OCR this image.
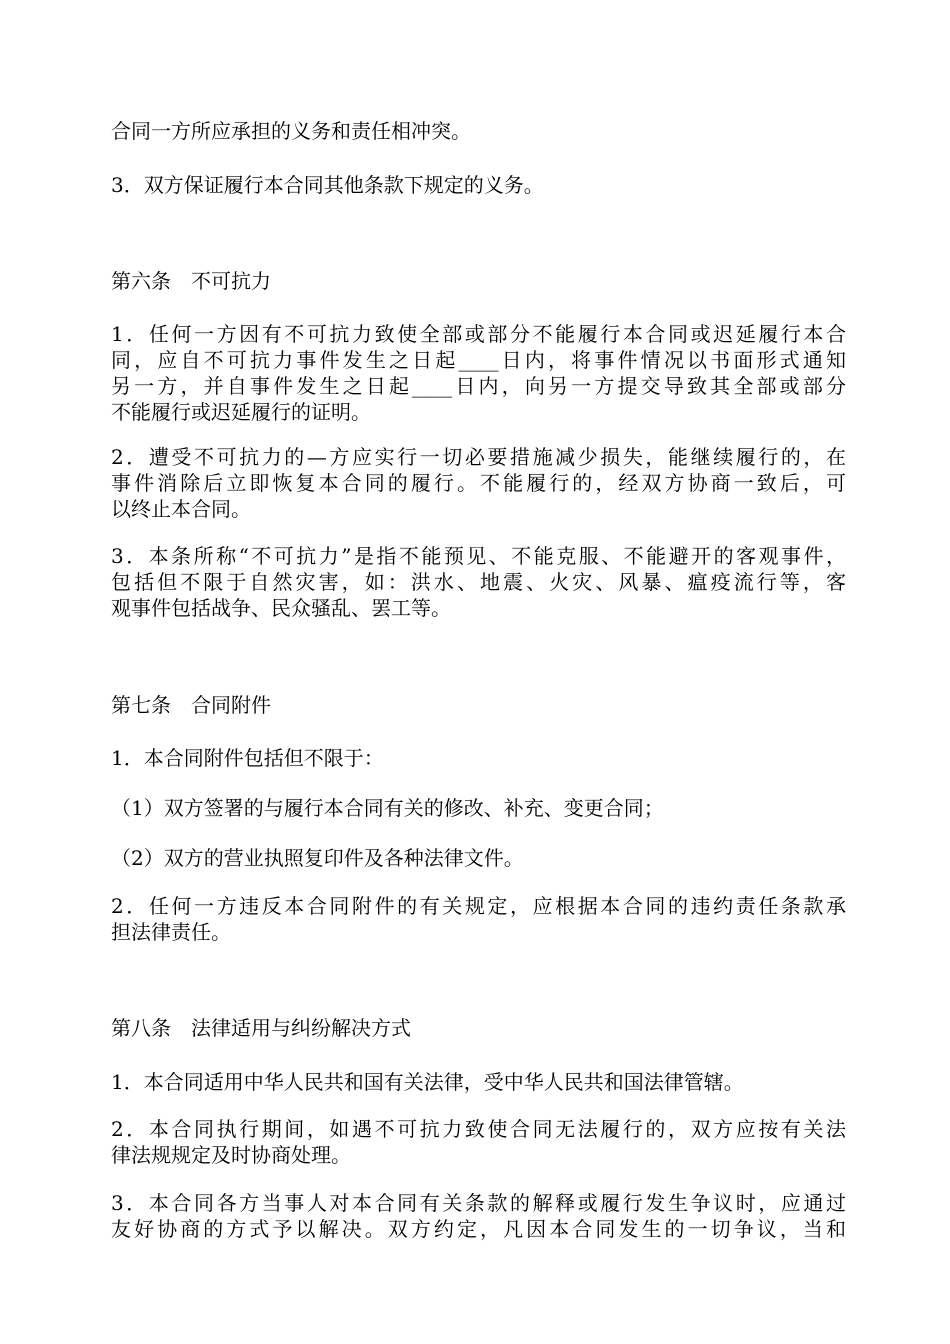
合同一方所应承担的义务和责任相冲突。
3．双方保证履行本合同其他条款下规定的义务。
第六条　不可抗力
1．任何一方因有不可抗力致使全部或部分不能履行本合同或迟延履行本合
同，应自不可抗力事件发生之日起____日内，将事件情况以书面形式通知
另一方，并自事件发生之日起____日内，向另一方提交导致其全部或部分
不能履行或迟延履行的证明。
2．遭受不可抗力的—方应实行一切必要措施减少损失，能继续履行的，在
事件消除后立即恢复本合同的履行。不能履行的，经双方协商一致后，可
以终止本合同。
3．本条所称“不可抗力”是指不能预见、不能克服、不能避开的客观事件，
包括但不限于自然灾害，如：洪水、地震、火灾、风暴、瘟疫流行等，客
观事件包括战争、民众骚乱、罢工等。
第七条　合同附件
1．本合同附件包括但不限于：
（1）双方签署的与履行本合同有关的修改、补充、变更合同；
（2）双方的营业执照复印件及各种法律文件。
2．任何一方违反本合同附件的有关规定，应根据本合同的违约责任条款承
担法律责任。
第八条　法律适用与纠纷解决方式
1．本合同适用中华人民共和国有关法律，受中华人民共和国法律管辖。
2．本合同执行期间，如遇不可抗力致使合同无法履行的，双方应按有关法
律法规规定及时协商处理。
3．本合同各方当事人对本合同有关条款的解释或履行发生争议时，应通过
友好协商的方式予以解决。双方约定，凡因本合同发生的一切争议，当和
